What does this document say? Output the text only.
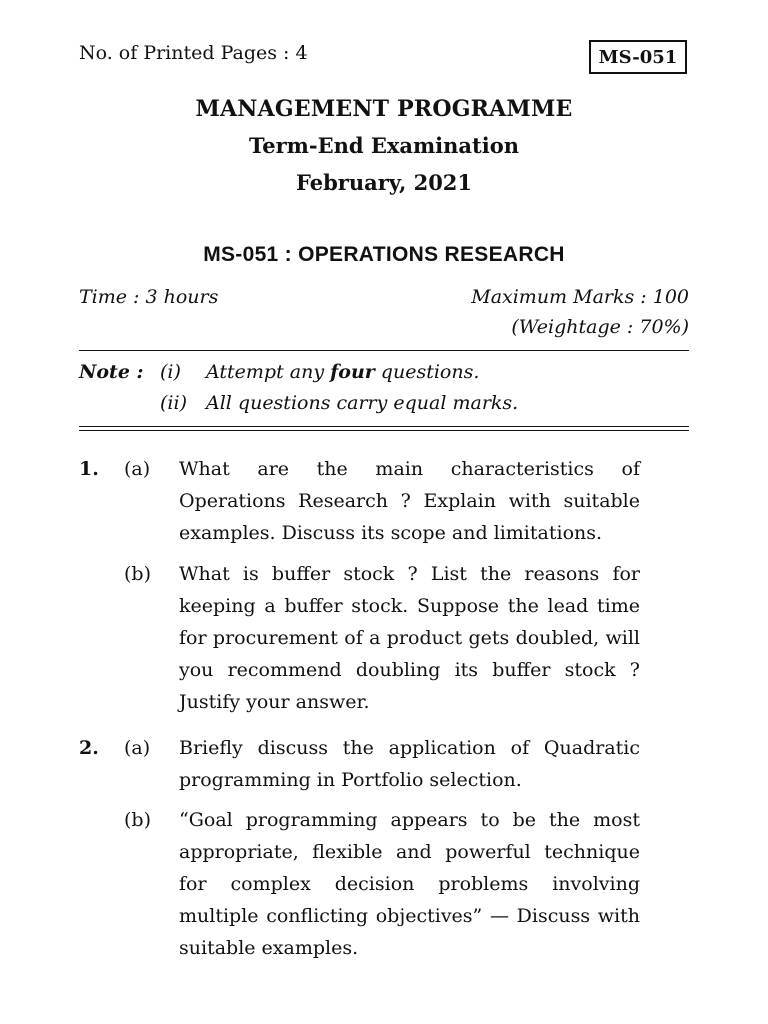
No. of Printed Pages : 4	MS-051
MANAGEMENT PROGRAMME
Term-End Examination
February, 2021
MS-051 : OPERATIONS RESEARCH
Time : 3 hours	Maximum Marks : 100
(Weightage : 70%)
Note : (i) Attempt any four questions.
(ii) All questions carry equal marks.
1. (a) What are the main characteristics of Operations Research ? Explain with suitable examples. Discuss its scope and limitations.
(b) What is buffer stock ? List the reasons for keeping a buffer stock. Suppose the lead time for procurement of a product gets doubled, will you recommend doubling its buffer stock ? Justify your answer.
2. (a) Briefly discuss the application of Quadratic programming in Portfolio selection.
(b) “Goal programming appears to be the most appropriate, flexible and powerful technique for complex decision problems involving multiple conflicting objectives” — Discuss with suitable examples.
